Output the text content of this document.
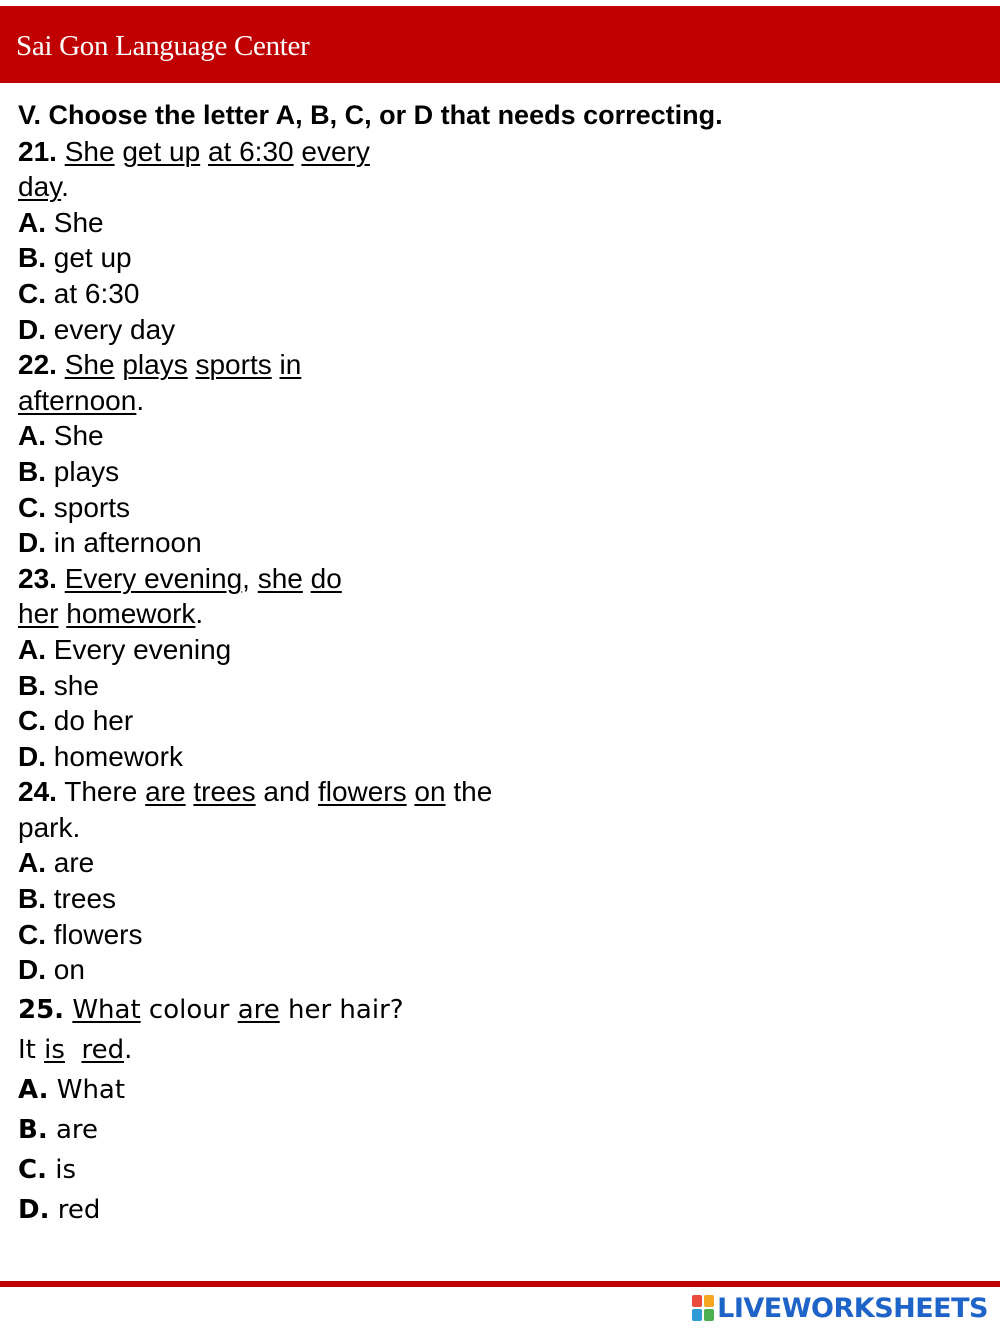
Sai Gon Language Center
V. Choose the letter A, B, C, or D that needs correcting.
21. She get up at 6:30 every
day.
A. She
B. get up
C. at 6:30
D. every day
22. She plays sports in
afternoon.
A. She
B. plays
C. sports
D. in afternoon
23. Every evening, she do
her homework.
A. Every evening
B. she
C. do her
D. homework
24. There are trees and flowers on the
park.
A. are
B. trees
C. flowers
D. on
25. What colour are her hair?
It is red.
A. What
B. are
C. is
D. red
LIVEWORKSHEETS
